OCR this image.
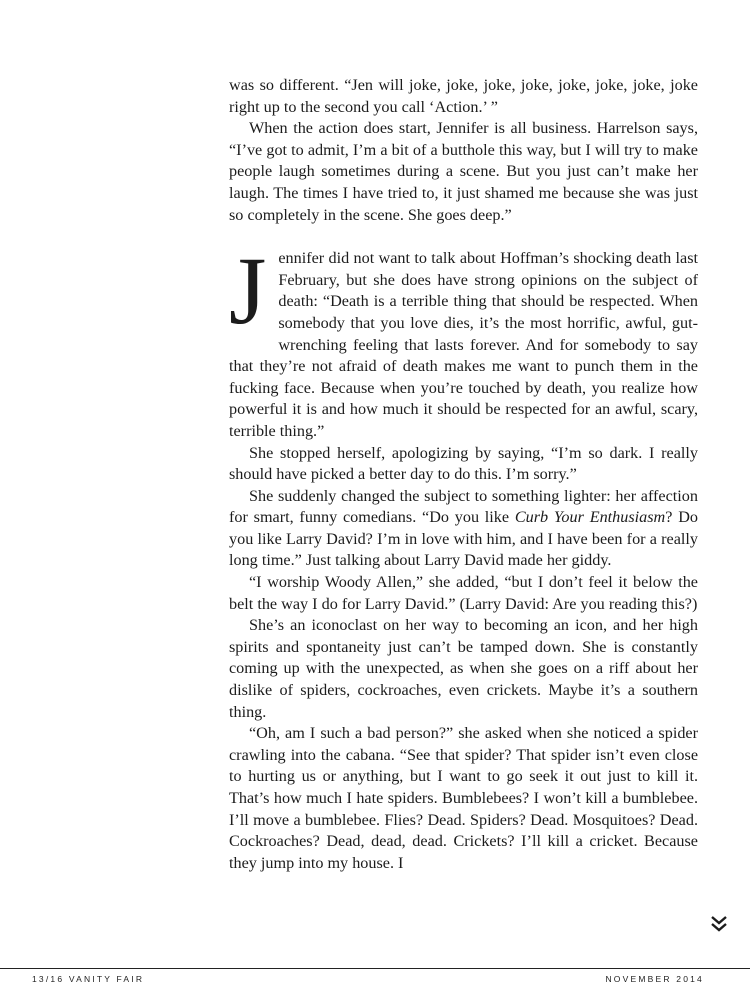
was so different. “Jen will joke, joke, joke, joke, joke, joke, joke, joke right up to the second you call ‘Action.’ ”

When the action does start, Jennifer is all business. Harrelson says, “I’ve got to admit, I’m a bit of a butthole this way, but I will try to make people laugh sometimes during a scene. But you just can’t make her laugh. The times I have tried to, it just shamed me because she was just so completely in the scene. She goes deep.”

Jennifer did not want to talk about Hoffman’s shocking death last February, but she does have strong opinions on the subject of death: “Death is a terrible thing that should be respected. When somebody that you love dies, it’s the most horrific, awful, gut-wrenching feeling that lasts forever. And for somebody to say that they’re not afraid of death makes me want to punch them in the fucking face. Because when you’re touched by death, you realize how powerful it is and how much it should be respected for an awful, scary, terrible thing.”

She stopped herself, apologizing by saying, “I’m so dark. I really should have picked a better day to do this. I’m sorry.”

She suddenly changed the subject to something lighter: her affection for smart, funny comedians. “Do you like Curb Your Enthusiasm? Do you like Larry David? I’m in love with him, and I have been for a really long time.” Just talking about Larry David made her giddy.

“I worship Woody Allen,” she added, “but I don’t feel it below the belt the way I do for Larry David.” (Larry David: Are you reading this?)

She’s an iconoclast on her way to becoming an icon, and her high spirits and spontaneity just can’t be tamped down. She is constantly coming up with the unexpected, as when she goes on a riff about her dislike of spiders, cockroaches, even crickets. Maybe it’s a southern thing.

“Oh, am I such a bad person?” she asked when she noticed a spider crawling into the cabana. “See that spider? That spider isn’t even close to hurting us or anything, but I want to go seek it out just to kill it. That’s how much I hate spiders. Bumblebees? I won’t kill a bumblebee. I’ll move a bumblebee. Flies? Dead. Spiders? Dead. Mosquitoes? Dead. Cockroaches? Dead, dead, dead. Crickets? I’ll kill a cricket. Because they jump into my house. I

13/16 VANITY FAIR	NOVEMBER 2014
